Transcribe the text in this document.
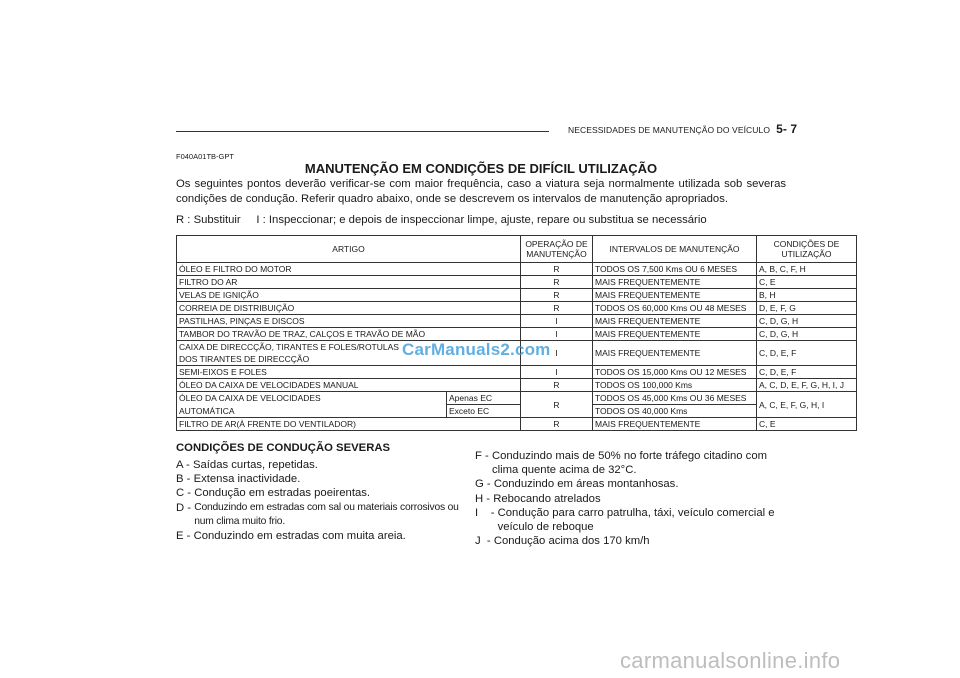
NECESSIDADES DE MANUTENÇÃO DO VEÍCULO 5- 7
F040A01TB-GPT
MANUTENÇÃO EM CONDIÇÕES DE DIFÍCIL UTILIZAÇÃO
Os seguintes pontos deverão verificar-se com maior frequência, caso a viatura seja normalmente utilizada sob severas condições de condução. Referir quadro abaixo, onde se descrevem os intervalos de manutenção apropriados.
R : Substituir     I : Inspeccionar; e depois de inspeccionar limpe, ajuste, repare ou substitua se necessário
ARTIGO		OPERAÇÃO DE MANUTENÇÃO	INTERVALOS DE MANUTENÇÃO	CONDIÇÕES DE UTILIZAÇÃO
ÓLEO E FILTRO DO MOTOR		R	TODOS OS 7,500 Kms OU 6 MESES	A, B, C, F, H
FILTRO DO AR		R	MAIS FREQUENTEMENTE	C, E
VELAS DE IGNIÇÃO		R	MAIS FREQUENTEMENTE	B, H
CORREIA DE DISTRIBUIÇÃO		R	TODOS OS 60,000 Kms OU 48 MESES	D, E, F, G
PASTILHAS, PINÇAS E DISCOS		I	MAIS FREQUENTEMENTE	C, D, G, H
TAMBOR DO TRAVÃO DE TRAZ, CALÇOS E TRAVÃO DE MÃO		I	MAIS FREQUENTEMENTE	C, D, G, H

CAIXA DE DIRECCÇÃO, TIRANTES E FOLES/ROTULAS
DOS TIRANTES DE DIRECCÇÃO		I	MAIS FREQUENTEMENTE	C, D, E, F
SEMI-EIXOS E FOLES		I	TODOS OS 15,000 Kms OU 12 MESES	C, D, E, F
ÓLEO DA CAIXA DE VELOCIDADES MANUAL		R	TODOS OS 100,000 Kms	A, C, D, E, F, G, H, I, J

ÓLEO DA CAIXA DE VELOCIDADES
AUTOMÁTICA	Apenas EC	R	TODOS OS 45,000 Kms OU 36 MESES	A, C, E, F, G, H, I
	Exceto EC		TODOS OS 40,000 Kms	
FILTRO DE AR(À FRENTE DO VENTILADOR)		R	MAIS FREQUENTEMENTE	C, E
CarManuals2.com
CONDIÇÕES DE CONDUÇÃO SEVERAS
A - Saídas curtas, repetidas.
B - Extensa inactividade.
C - Condução em estradas poeirentas.
D - Conduzindo em estradas com sal ou materiais corrosivos ou num clima muito frio.
E - Conduzindo em estradas com muita areia.
F - Conduzindo mais de 50% no forte tráfego citadino com clima quente acima de 32°C.
G - Conduzindo em áreas montanhosas.
H - Rebocando atrelados
I    - Condução para carro patrulha, táxi, veículo comercial e veículo de reboque
J  - Condução acima dos 170 km/h
carmanualsonline.info
